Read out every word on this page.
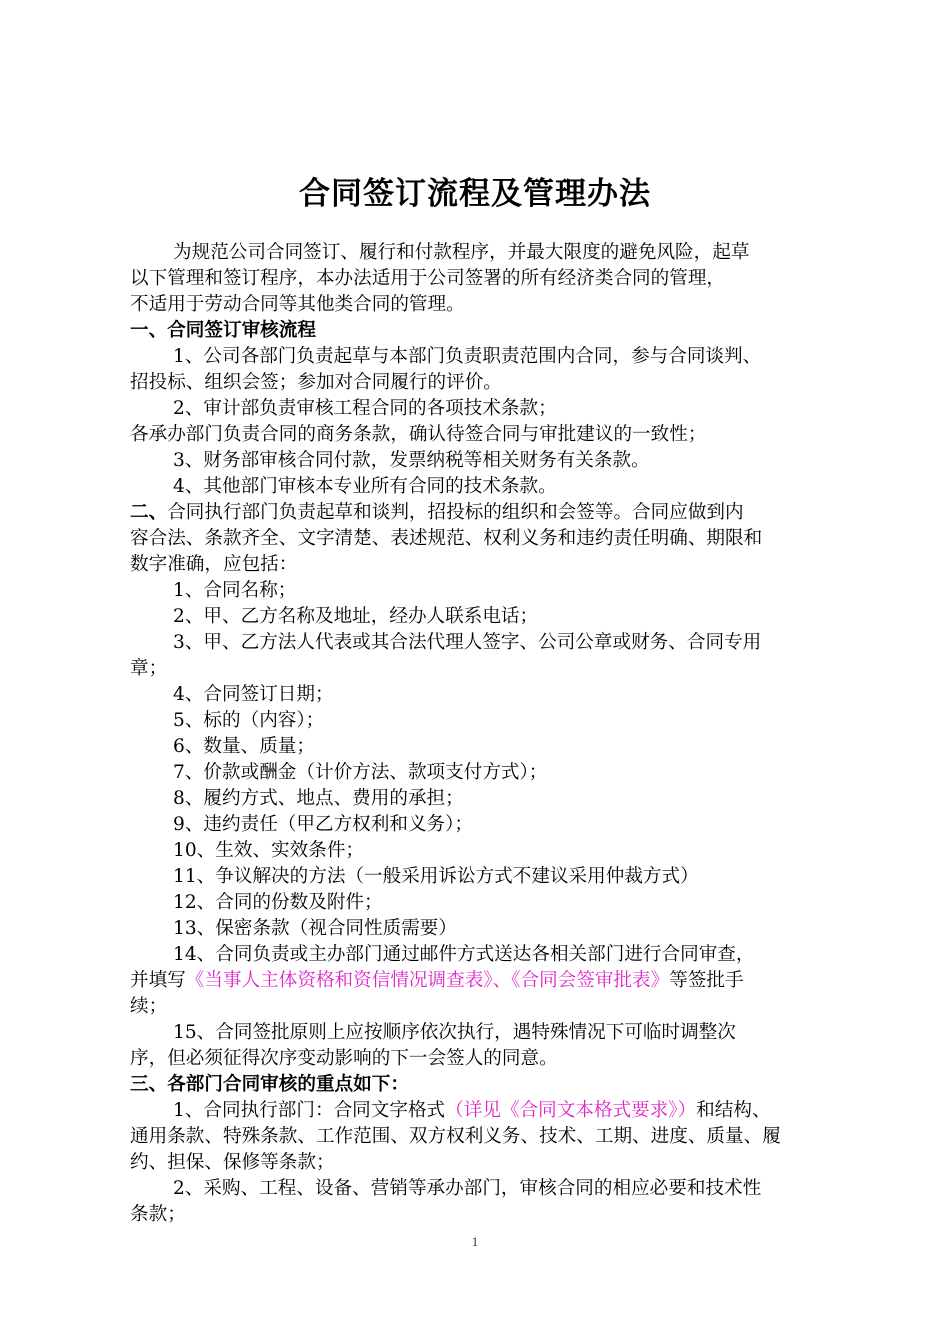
合同签订流程及管理办法
为规范公司合同签订、履行和付款程序，并最大限度的避免风险，起草
以下管理和签订程序，本办法适用于公司签署的所有经济类合同的管理，
不适用于劳动合同等其他类合同的管理。
一、合同签订审核流程
1、公司各部门负责起草与本部门负责职责范围内合同，参与合同谈判、
招投标、组织会签；参加对合同履行的评价。
2、审计部负责审核工程合同的各项技术条款；
各承办部门负责合同的商务条款，确认待签合同与审批建议的一致性；
3、财务部审核合同付款，发票纳税等相关财务有关条款。
4、其他部门审核本专业所有合同的技术条款。
二、合同执行部门负责起草和谈判，招投标的组织和会签等。合同应做到内
容合法、条款齐全、文字清楚、表述规范、权利义务和违约责任明确、期限和
数字准确，应包括：
1、合同名称；
2、甲、乙方名称及地址，经办人联系电话；
3、甲、乙方法人代表或其合法代理人签字、公司公章或财务、合同专用
章；
4、合同签订日期；
5、标的（内容）；
6、数量、质量；
7、价款或酬金（计价方法、款项支付方式）；
8、履约方式、地点、费用的承担；
9、违约责任（甲乙方权利和义务）；
10、生效、实效条件；
11、争议解决的方法（一般采用诉讼方式不建议采用仲裁方式）
12、合同的份数及附件；
13、保密条款（视合同性质需要）
14、合同负责或主办部门通过邮件方式送达各相关部门进行合同审查，
并填写《当事人主体资格和资信情况调查表》、《合同会签审批表》等签批手
续；
15、合同签批原则上应按顺序依次执行，遇特殊情况下可临时调整次
序，但必须征得次序变动影响的下一会签人的同意。
三、各部门合同审核的重点如下：
1、合同执行部门：合同文字格式（详见《合同文本格式要求》）和结构、
通用条款、特殊条款、工作范围、双方权利义务、技术、工期、进度、质量、履
约、担保、保修等条款；
2、采购、工程、设备、营销等承办部门，审核合同的相应必要和技术性
条款；
1
